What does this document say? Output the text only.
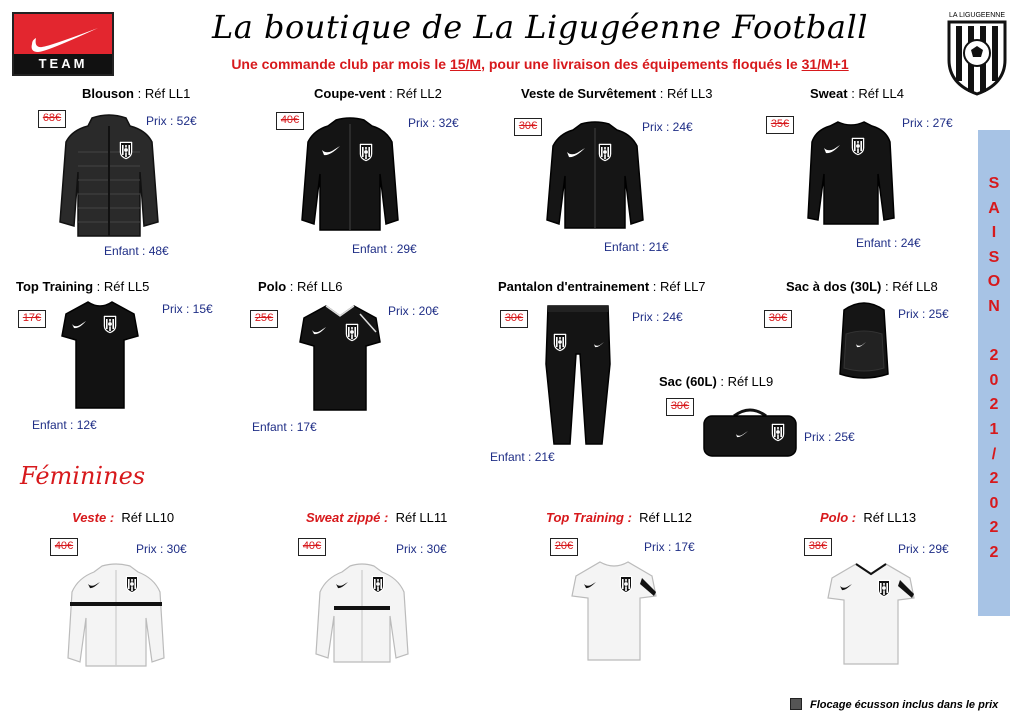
TEAM
La boutique de La Ligugéenne Football
Une commande club par mois le 15/M, pour une livraison des équipements floqués le 31/M+1
LA LIGUGEENNE
S
A
I
S
O
N

2
0
2
1
/
2
0
2
2
Blouson : Réf LL1
68€	Prix : 52€
Enfant : 48€
Coupe-vent : Réf LL2
40€	Prix : 32€
Enfant : 29€
Veste de Survêtement : Réf LL3
30€	Prix : 24€
Enfant : 21€
Sweat : Réf LL4
35€	Prix : 27€
Enfant : 24€
Top Training : Réf LL5
17€
Prix : 15€
Enfant : 12€
Polo : Réf LL6
25€	Prix : 20€
Enfant : 17€
Pantalon d'entrainement : Réf LL7
30€	Prix : 24€
Enfant : 21€
Sac à dos (30L) : Réf LL8
30€	Prix : 25€
Sac (60L) : Réf LL9
30€
Prix : 25€
Féminines
Veste : Réf LL10
40€	Prix : 30€
Sweat zippé : Réf LL11
40€	Prix : 30€
Top Training : Réf LL12
20€	Prix : 17€
Polo : Réf LL13
38€	Prix : 29€
Flocage écusson inclus dans le prix
